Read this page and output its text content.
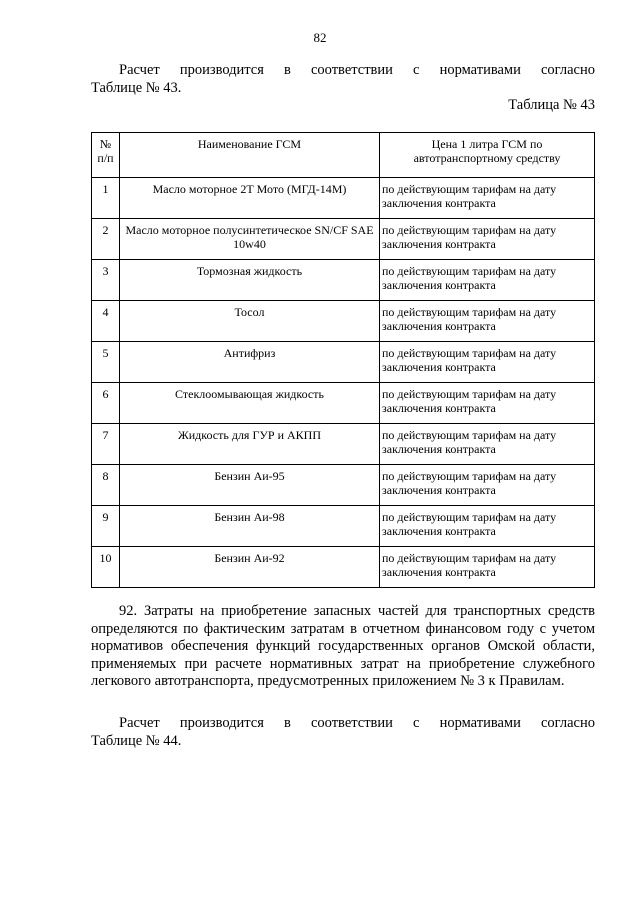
82
Расчет производится в соответствии с нормативами согласно
Таблице № 43.
Таблица № 43
№ п/п	Наименование ГСМ	Цена 1 литра ГСМ по автотранспортному средству
1	Масло моторное 2Т Мото (МГД-14М)	по действующим тарифам на дату заключения контракта
2	Масло моторное полусинтетическое SN/CF SAE 10w40	по действующим тарифам на дату заключения контракта
3	Тормозная жидкость	по действующим тарифам на дату заключения контракта
4	Тосол	по действующим тарифам на дату заключения контракта
5	Антифриз	по действующим тарифам на дату заключения контракта
6	Стеклоомывающая жидкость	по действующим тарифам на дату заключения контракта
7	Жидкость для ГУР и АКПП	по действующим тарифам на дату заключения контракта
8	Бензин Аи-95	по действующим тарифам на дату заключения контракта
9	Бензин Аи-98	по действующим тарифам на дату заключения контракта
10	Бензин Аи-92	по действующим тарифам на дату заключения контракта
92. Затраты на приобретение запасных частей для транспортных средств определяются по фактическим затратам в отчетном финансовом году с учетом нормативов обеспечения функций государственных органов Омской области, применяемых при расчете нормативных затрат на приобретение служебного легкового автотранспорта, предусмотренных приложением № 3 к Правилам.
Расчет производится в соответствии с нормативами согласно
Таблице № 44.
